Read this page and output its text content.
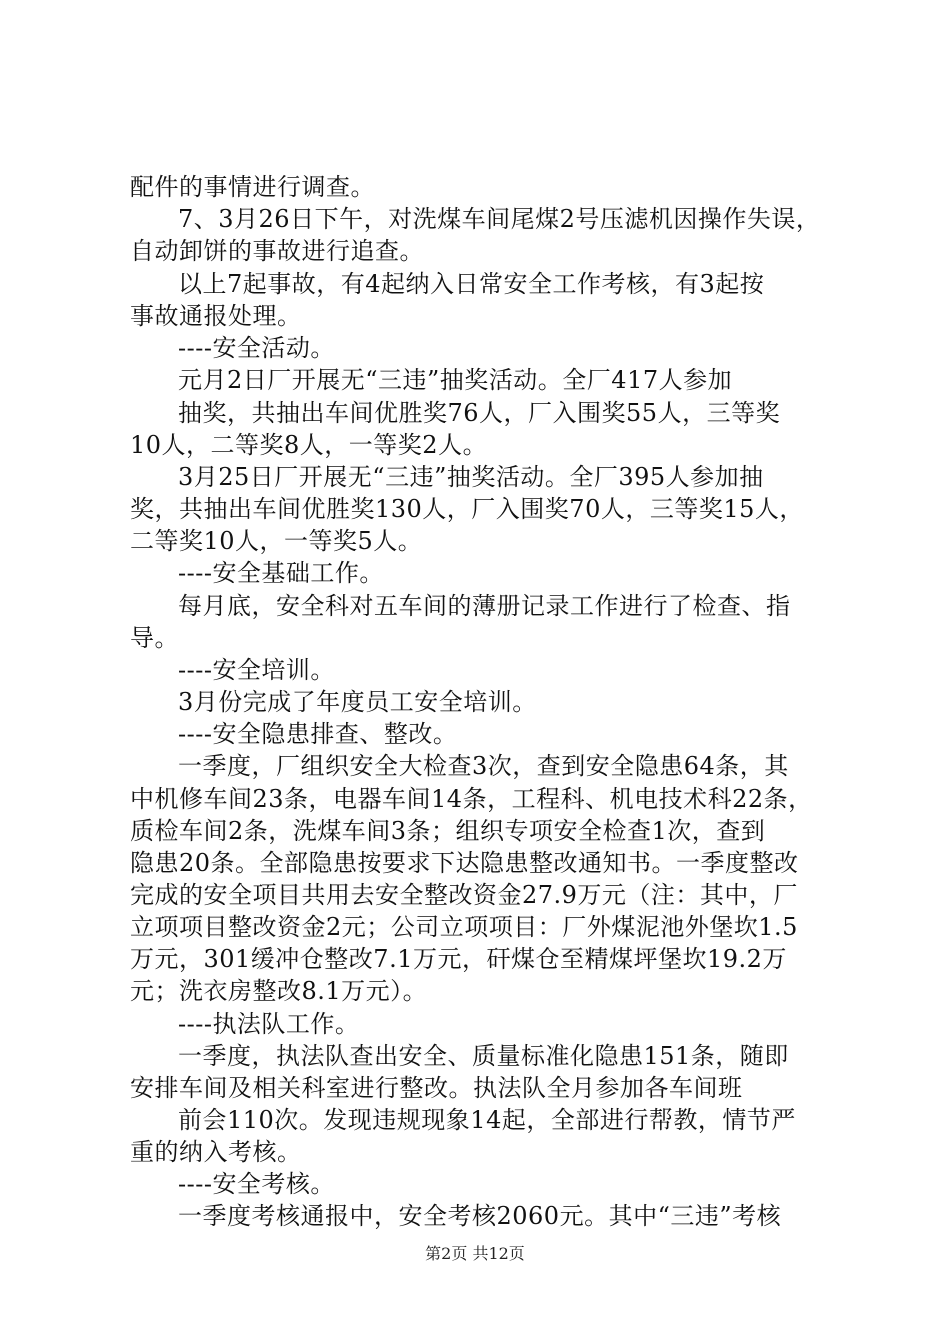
配件的事情进行调查。
7、3月26日下午，对洗煤车间尾煤2号压滤机因操作失误，
自动卸饼的事故进行追查。
以上7起事故，有4起纳入日常安全工作考核，有3起按
事故通报处理。
----安全活动。
元月2日厂开展无“三违”抽奖活动。全厂417人参加
抽奖，共抽出车间优胜奖76人，厂入围奖55人，三等奖
10人，二等奖8人，一等奖2人。
3月25日厂开展无“三违”抽奖活动。全厂395人参加抽
奖，共抽出车间优胜奖130人，厂入围奖70人，三等奖15人，
二等奖10人，一等奖5人。
----安全基础工作。
每月底，安全科对五车间的薄册记录工作进行了检查、指
导。
----安全培训。
3月份完成了年度员工安全培训。
----安全隐患排查、整改。
一季度，厂组织安全大检查3次，查到安全隐患64条，其
中机修车间23条，电器车间14条，工程科、机电技术科22条，
质检车间2条，洗煤车间3条；组织专项安全检查1次，查到
隐患20条。全部隐患按要求下达隐患整改通知书。一季度整改
完成的安全项目共用去安全整改资金27.9万元（注：其中，厂
立项项目整改资金2元；公司立项项目：厂外煤泥池外堡坎1.5
万元，301缓冲仓整改7.1万元，矸煤仓至精煤坪堡坎19.2万
元；洗衣房整改8.1万元）。
----执法队工作。
一季度，执法队查出安全、质量标准化隐患151条，随即
安排车间及相关科室进行整改。执法队全月参加各车间班
前会110次。发现违规现象14起，全部进行帮教，情节严
重的纳入考核。
----安全考核。
一季度考核通报中，安全考核2060元。其中“三违”考核
第2页 共12页
